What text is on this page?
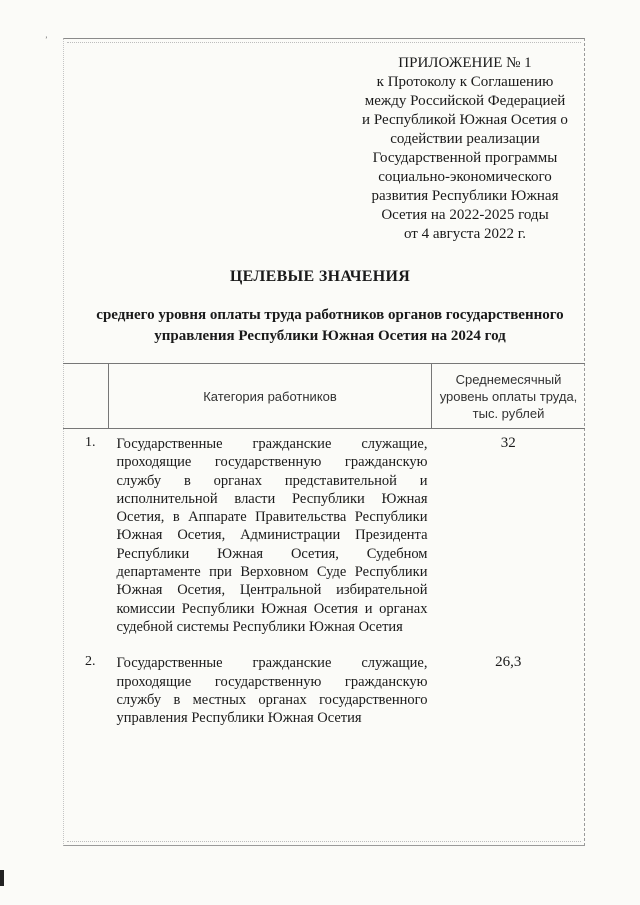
ʼ
ПРИЛОЖЕНИЕ № 1
к Протоколу к Соглашению
между Российской Федерацией
и Республикой Южная Осетия о
содействии реализации
Государственной программы
социально-экономического
развития Республики Южная
Осетия на 2022-2025 годы
от 4 августа 2022 г.
ЦЕЛЕВЫЕ ЗНАЧЕНИЯ
среднего уровня оплаты труда работников органов государственного управления Республики Южная Осетия на 2024 год
	Категория работников	Среднемесячный уровень оплаты труда, тыс. рублей
1.	Государственные гражданские служащие, проходящие государственную гражданскую службу в органах представительной и исполнительной власти Республики Южная Осетия, в Аппарате Правительства Республики Южная Осетия, Администрации Президента Республики Южная Осетия, Судебном департаменте при Верховном Суде Республики Южная Осетия, Центральной избирательной комиссии Республики Южная Осетия и органах судебной системы Республики Южная Осетия	32
2.	Государственные гражданские служащие, проходящие государственную гражданскую службу в местных органах государственного управления Республики Южная Осетия	26,3
